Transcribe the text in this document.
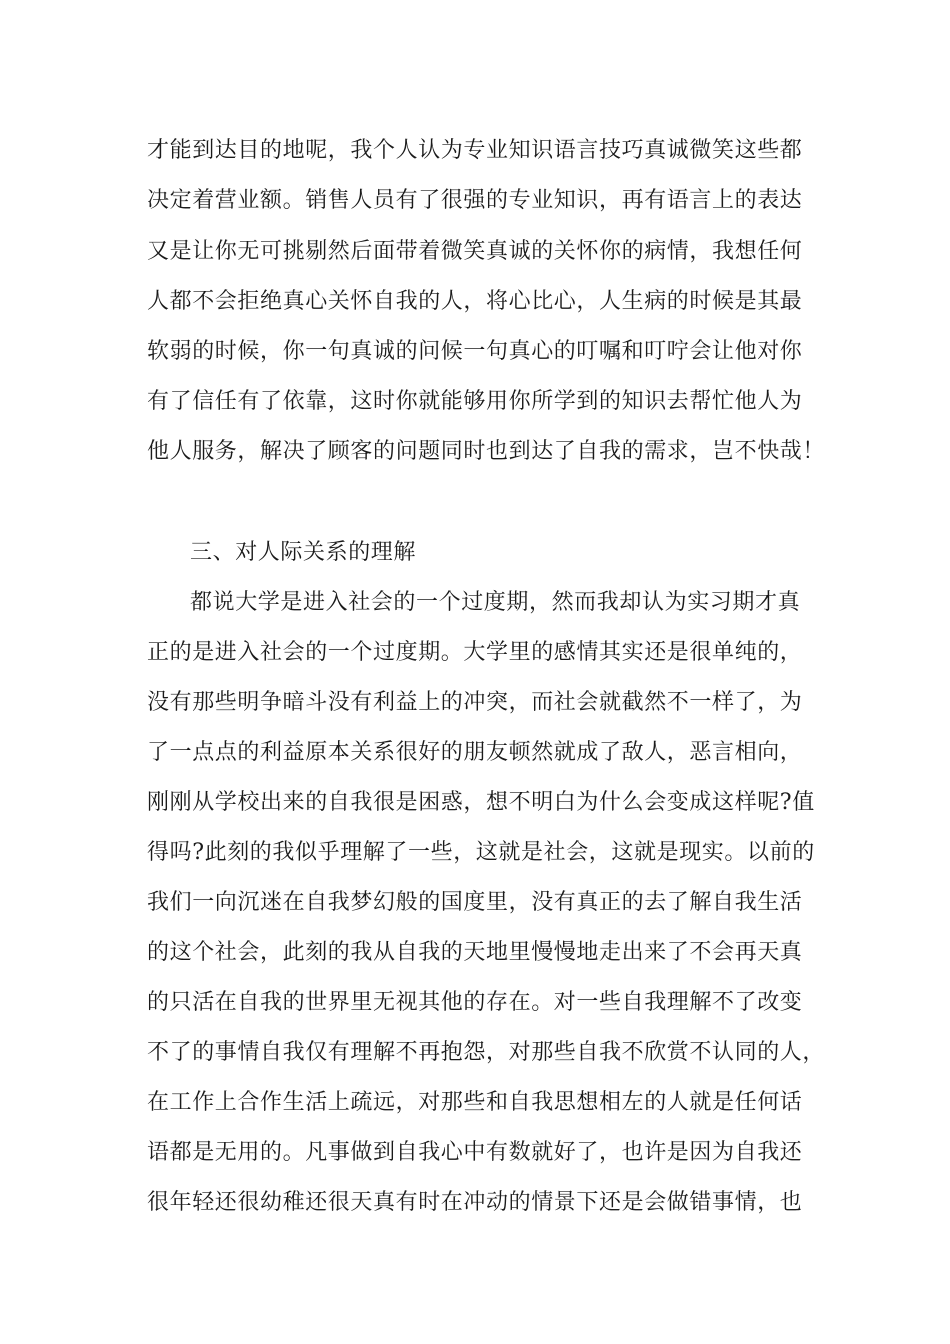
才能到达目的地呢，我个人认为专业知识语言技巧真诚微笑这些都
决定着营业额。销售人员有了很强的专业知识，再有语言上的表达
又是让你无可挑剔然后面带着微笑真诚的关怀你的病情，我想任何
人都不会拒绝真心关怀自我的人，将心比心，人生病的时候是其最
软弱的时候，你一句真诚的问候一句真心的叮嘱和叮咛会让他对你
有了信任有了依靠，这时你就能够用你所学到的知识去帮忙他人为
他人服务，解决了顾客的问题同时也到达了自我的需求，岂不快哉！
三、对人际关系的理解
都说大学是进入社会的一个过度期，然而我却认为实习期才真
正的是进入社会的一个过度期。大学里的感情其实还是很单纯的，
没有那些明争暗斗没有利益上的冲突，而社会就截然不一样了，为
了一点点的利益原本关系很好的朋友顿然就成了敌人，恶言相向，
刚刚从学校出来的自我很是困惑，想不明白为什么会变成这样呢?值
得吗?此刻的我似乎理解了一些，这就是社会，这就是现实。以前的
我们一向沉迷在自我梦幻般的国度里，没有真正的去了解自我生活
的这个社会，此刻的我从自我的天地里慢慢地走出来了不会再天真
的只活在自我的世界里无视其他的存在。对一些自我理解不了改变
不了的事情自我仅有理解不再抱怨，对那些自我不欣赏不认同的人，
在工作上合作生活上疏远，对那些和自我思想相左的人就是任何话
语都是无用的。凡事做到自我心中有数就好了，也许是因为自我还
很年轻还很幼稚还很天真有时在冲动的情景下还是会做错事情，也
